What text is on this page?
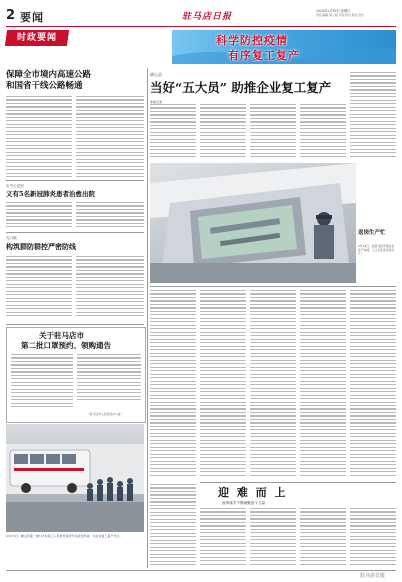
2 要闻	驻马店日报
2020年2月16日 星期日
责任编辑 第三版 责任校对 版式设计
时政要闻	科学防控疫情
有序复工复产
保障全市境内高速公路
和国省干线公路畅通
市中心医院
义有5名新冠肺炎患者治愈出院
光口镇
构筑群防群控严密防线
关于驻马店市
第二批口罩预约、领购通告
（驻马店市人民政府办公室）
2月15日，确山县第一批113名务工人员乘坐返岗专车赶往外省，为企业复工复产出力。
确山县
当好“五大员” 助推企业复工复产
本报记者
返岗生产忙
2月14日，在驻马店市某企业生产车间，工人们正在有序生产。
迎 难 而 上
改革旗手不断凝聚奋斗力量
驻马店日报
